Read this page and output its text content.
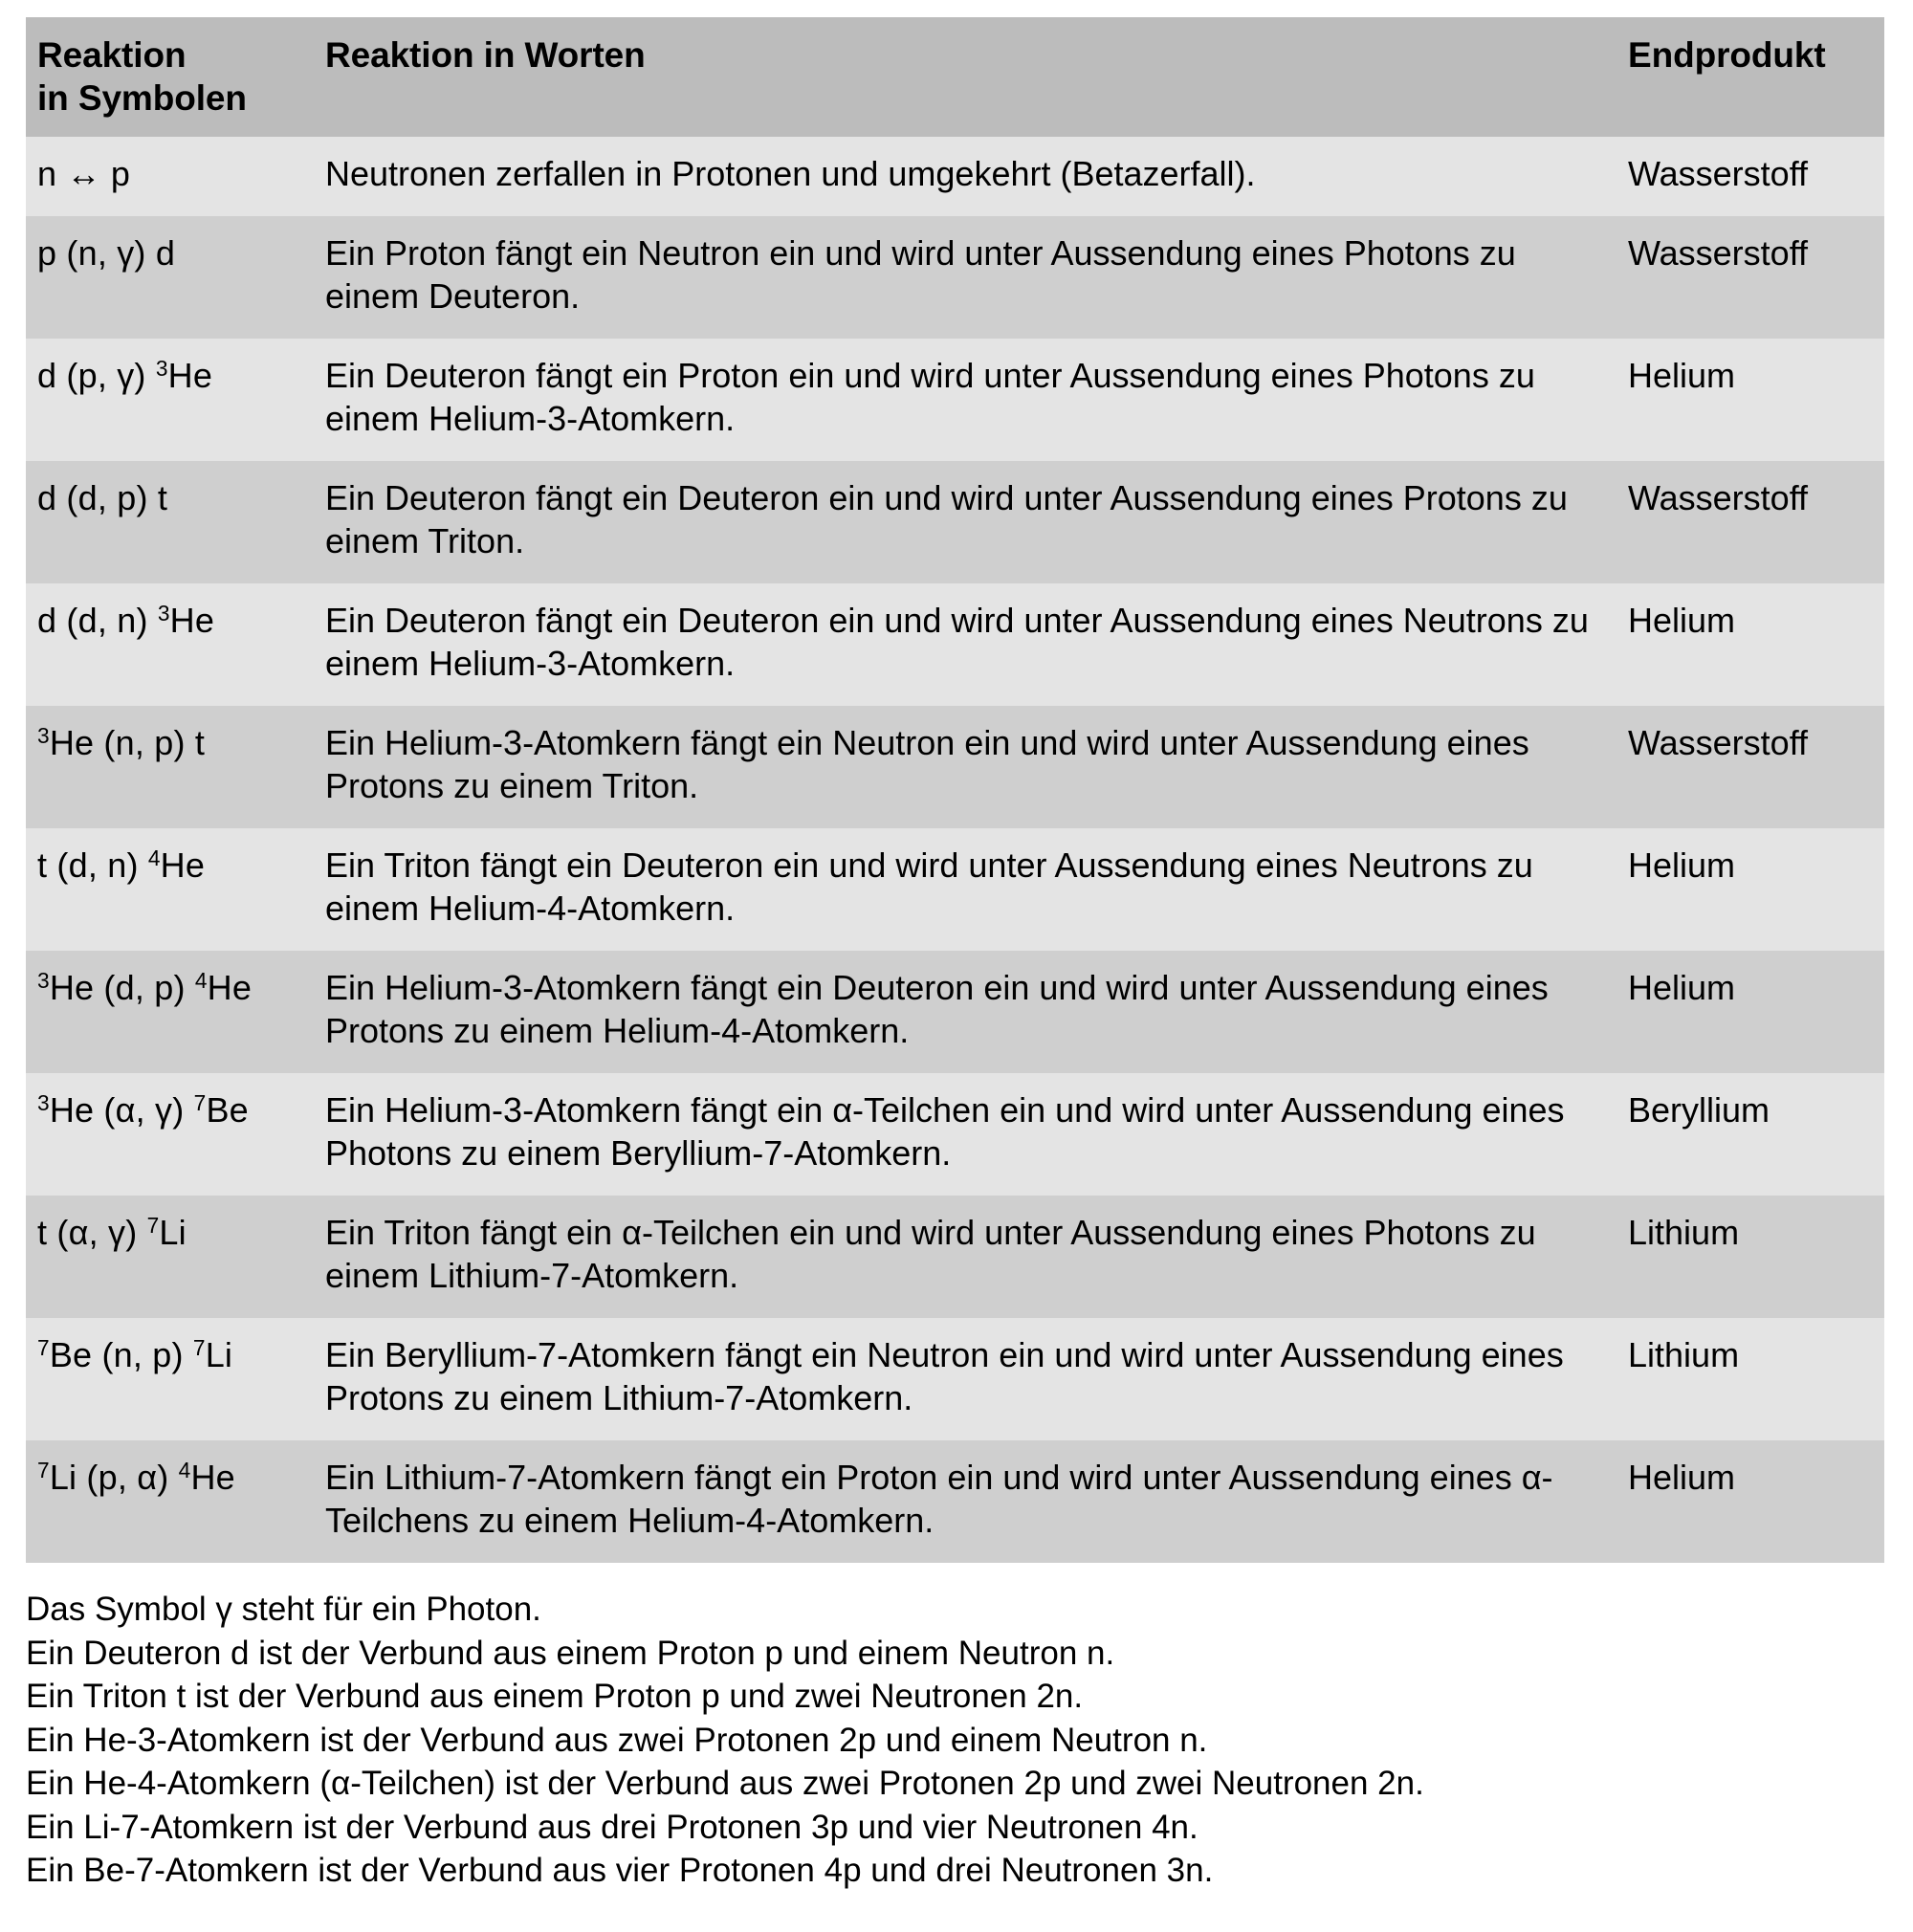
Reaktion
in Symbolen	Reaktion in Worten	Endprodukt
n ↔ p	Neutronen zerfallen in Protonen und umgekehrt (Betazerfall).	Wasserstoff
p (n, γ) d	Ein Proton fängt ein Neutron ein und wird unter Aussendung eines Photons zu einem Deuteron.	Wasserstoff
d (p, γ) $^3$He	Ein Deuteron fängt ein Proton ein und wird unter Aussendung eines Photons zu einem Helium-3-Atomkern.	Helium
d (d, p) t	Ein Deuteron fängt ein Deuteron ein und wird unter Aussendung eines Protons zu einem Triton.	Wasserstoff
d (d, n) $^3$He	Ein Deuteron fängt ein Deuteron ein und wird unter Aussendung eines Neutrons zu einem Helium-3-Atomkern.	Helium
$^3$He (n, p) t	Ein Helium-3-Atomkern fängt ein Neutron ein und wird unter Aussendung eines Protons zu einem Triton.	Wasserstoff
t (d, n) $^4$He	Ein Triton fängt ein Deuteron ein und wird unter Aussendung eines Neutrons zu einem Helium-4-Atomkern.	Helium
$^3$He (d, p) $^4$He	Ein Helium-3-Atomkern fängt ein Deuteron ein und wird unter Aussendung eines Protons zu einem Helium-4-Atomkern.	Helium
$^3$He (α, γ) $^7$Be	Ein Helium-3-Atomkern fängt ein α-Teilchen ein und wird unter Aussendung eines Photons zu einem Beryllium-7-Atomkern.	Beryllium
t (α, γ) $^7$Li	Ein Triton fängt ein α-Teilchen ein und wird unter Aussendung eines Photons zu einem Lithium-7-Atomkern.	Lithium
$^7$Be (n, p) $^7$Li	Ein Beryllium-7-Atomkern fängt ein Neutron ein und wird unter Aussendung eines Protons zu einem Lithium-7-Atomkern.	Lithium
$^7$Li (p, α) $^4$He	Ein Lithium-7-Atomkern fängt ein Proton ein und wird unter Aussendung eines α-Teilchens zu einem Helium-4-Atomkern.	Helium
Das Symbol γ steht für ein Photon.
Ein Deuteron d ist der Verbund aus einem Proton p und einem Neutron n.
Ein Triton t ist der Verbund aus einem Proton p und zwei Neutronen 2n.
Ein He-3-Atomkern ist der Verbund aus zwei Protonen 2p und einem Neutron n.
Ein He-4-Atomkern (α-Teilchen) ist der Verbund aus zwei Protonen 2p und zwei Neutronen 2n.
Ein Li-7-Atomkern ist der Verbund aus drei Protonen 3p und vier Neutronen 4n.
Ein Be-7-Atomkern ist der Verbund aus vier Protonen 4p und drei Neutronen 3n.
